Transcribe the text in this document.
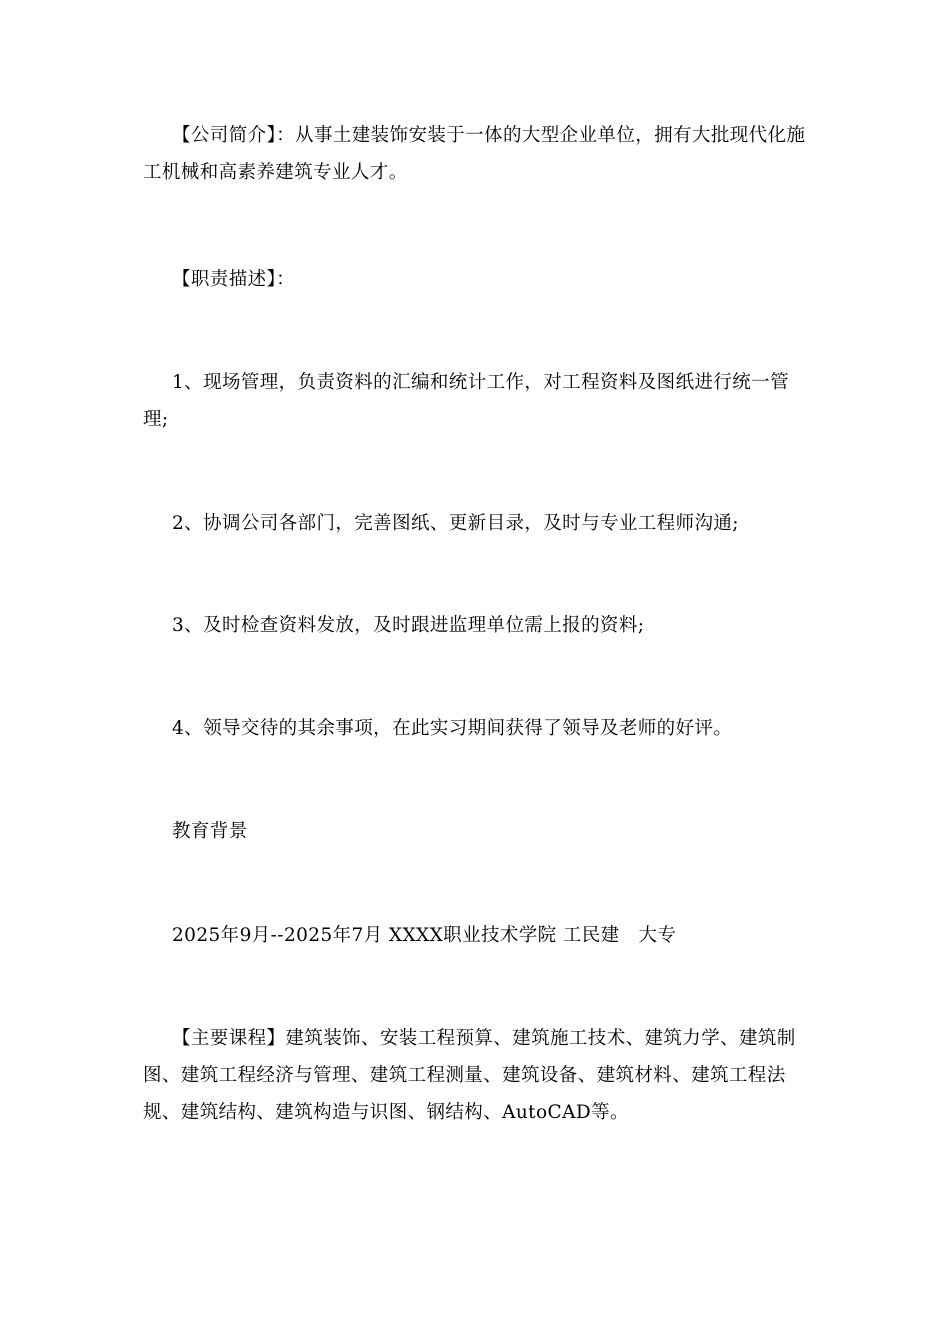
【公司简介】：从事土建装饰安装于一体的大型企业单位，拥有大批现代化施工机械和高素养建筑专业人才。

【职责描述】：

1、现场管理，负责资料的汇编和统计工作，对工程资料及图纸进行统一管理;

2、协调公司各部门，完善图纸、更新目录，及时与专业工程师沟通;

3、及时检查资料发放，及时跟进监理单位需上报的资料;

4、领导交待的其余事项，在此实习期间获得了领导及老师的好评。

教育背景

2025年9月--2025年7月 XXXX职业技术学院 工民建　大专

【主要课程】建筑装饰、安装工程预算、建筑施工技术、建筑力学、建筑制图、建筑工程经济与管理、建筑工程测量、建筑设备、建筑材料、建筑工程法规、建筑结构、建筑构造与识图、钢结构、AutoCAD等。
